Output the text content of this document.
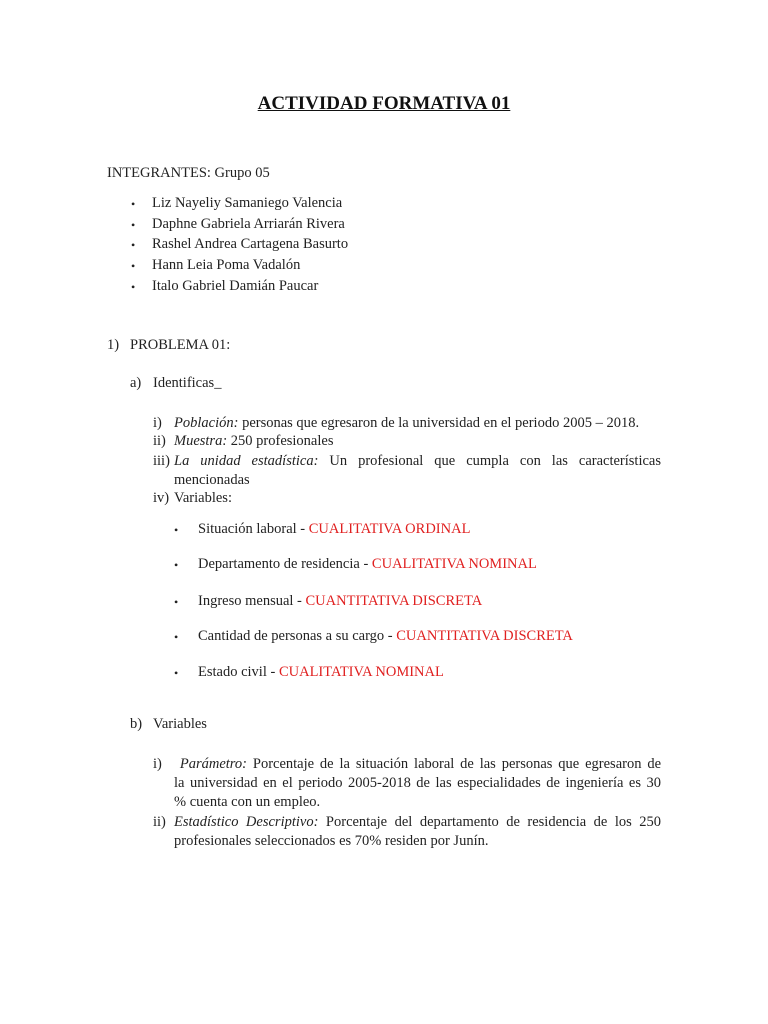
ACTIVIDAD FORMATIVA 01
INTEGRANTES: Grupo 05
• Liz Nayeliy Samaniego Valencia
• Daphne Gabriela Arriarán Rivera
• Rashel Andrea Cartagena Basurto
• Hann Leia Poma Vadalón
• Italo Gabriel Damián Paucar
1) PROBLEMA 01:
a) Identificas_
i) Población: personas que egresaron de la universidad en el periodo 2005 – 2018.
ii) Muestra: 250 profesionales
iii) La unidad estadística: Un profesional que cumpla con las características
mencionadas
iv) Variables:
• Situación laboral - CUALITATIVA ORDINAL
• Departamento de residencia - CUALITATIVA NOMINAL
• Ingreso mensual - CUANTITATIVA DISCRETA
• Cantidad de personas a su cargo - CUANTITATIVA DISCRETA
• Estado civil - CUALITATIVA NOMINAL
b) Variables
i)	Parámetro: Porcentaje de la situación laboral de las personas que egresaron de
la universidad en el periodo 2005-2018 de las especialidades de ingeniería es 30
% cuenta con un empleo.
ii) Estadístico Descriptivo: Porcentaje del departamento de residencia de los 250
profesionales seleccionados es 70% residen por Junín.
